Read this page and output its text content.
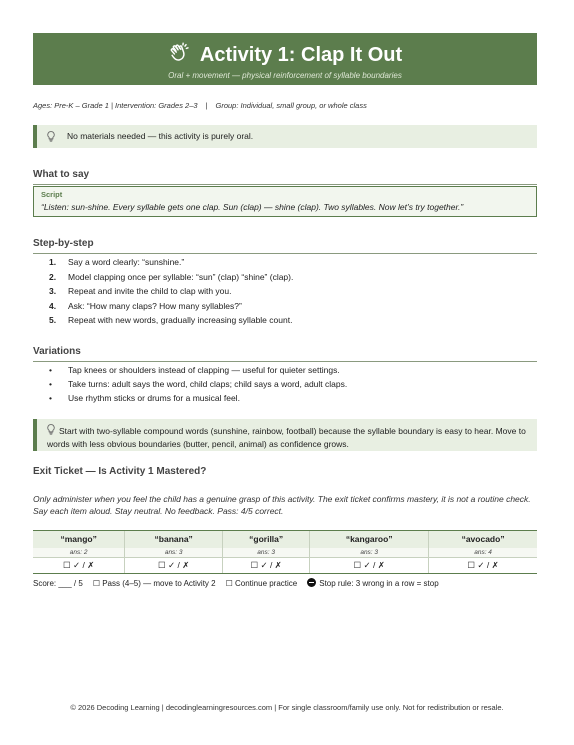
Activity 1: Clap It Out
Oral + movement — physical reinforcement of syllable boundaries
Ages: Pre-K – Grade 1 | Intervention: Grades 2–3 | Group: Individual, small group, or whole class
No materials needed — this activity is purely oral.
What to say
Script
“Listen: sun-shine. Every syllable gets one clap. Sun (clap) — shine (clap). Two syllables. Now let’s try together.”
Step-by-step
1.	Say a word clearly: “sunshine.”
2.	Model clapping once per syllable: “sun” (clap) “shine” (clap).
3.	Repeat and invite the child to clap with you.
4.	Ask: “How many claps? How many syllables?”
5.	Repeat with new words, gradually increasing syllable count.
Variations
•	Tap knees or shoulders instead of clapping — useful for quieter settings.
•	Take turns: adult says the word, child claps; child says a word, adult claps.
•	Use rhythm sticks or drums for a musical feel.
Start with two-syllable compound words (sunshine, rainbow, football) because the syllable boundary is easy to hear. Move to words with less obvious boundaries (butter, pencil, animal) as confidence grows.
Exit Ticket — Is Activity 1 Mastered?
Only administer when you feel the child has a genuine grasp of this activity. The exit ticket confirms mastery, it is not a routine check. Say each item aloud. Stay neutral. No feedback. Pass: 4/5 correct.
“mango”	“banana”	“gorilla”	“kangaroo”	“avocado”
ans: 2	ans: 3	ans: 3	ans: 3	ans: 4
☐ ✓ / ✗	☐ ✓ / ✗	☐ ✓ / ✗	☐ ✓ / ✗	☐ ✓ / ✗
Score: ___ / 5 ☐ Pass (4–5) — move to Activity 2 ☐ Continue practice	Stop rule: 3 wrong in a row = stop
© 2026 Decoding Learning | decodinglearningresources.com | For single classroom/family use only. Not for redistribution or resale.
